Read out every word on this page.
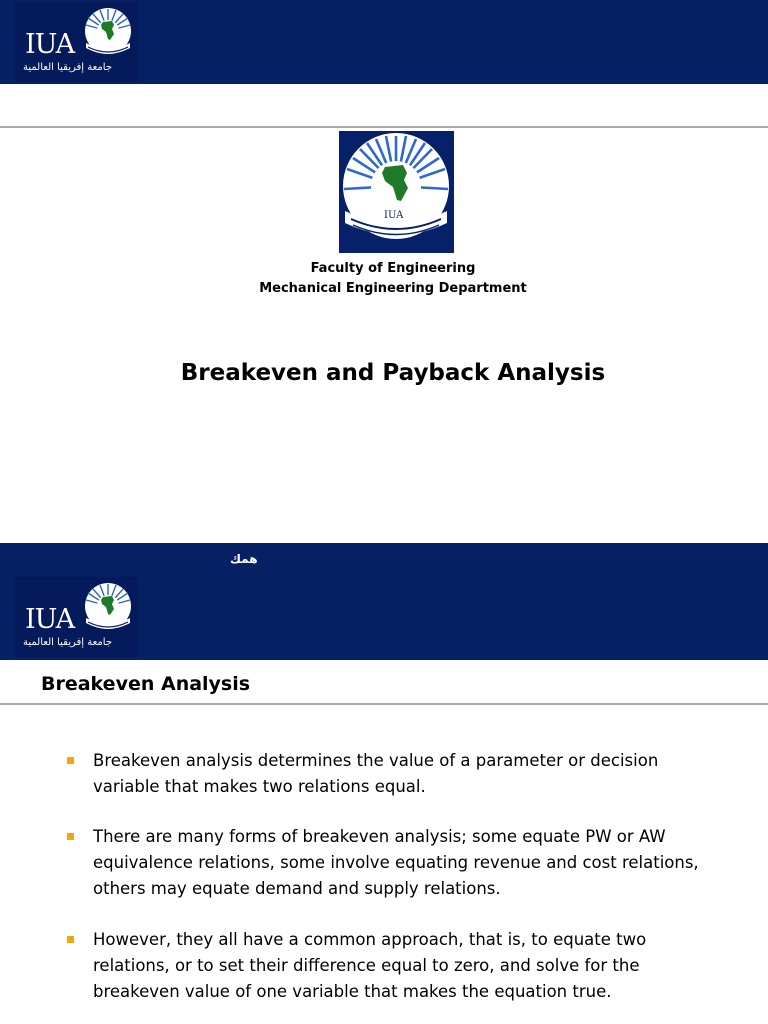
IUA
جامعة إفريقيا العالمية
IUA
Faculty of Engineering
Mechanical Engineering Department
Breakeven and Payback Analysis
همك
IUA
جامعة إفريقيا العالمية
Breakeven Analysis
Breakeven analysis determines the value of a parameter or decision variable that makes two relations equal.
There are many forms of breakeven analysis; some equate PW or AW equivalence relations, some involve equating revenue and cost relations, others may equate demand and supply relations.
However, they all have a common approach, that is, to equate two relations, or to set their difference equal to zero, and solve for the breakeven value of one variable that makes the equation true.
